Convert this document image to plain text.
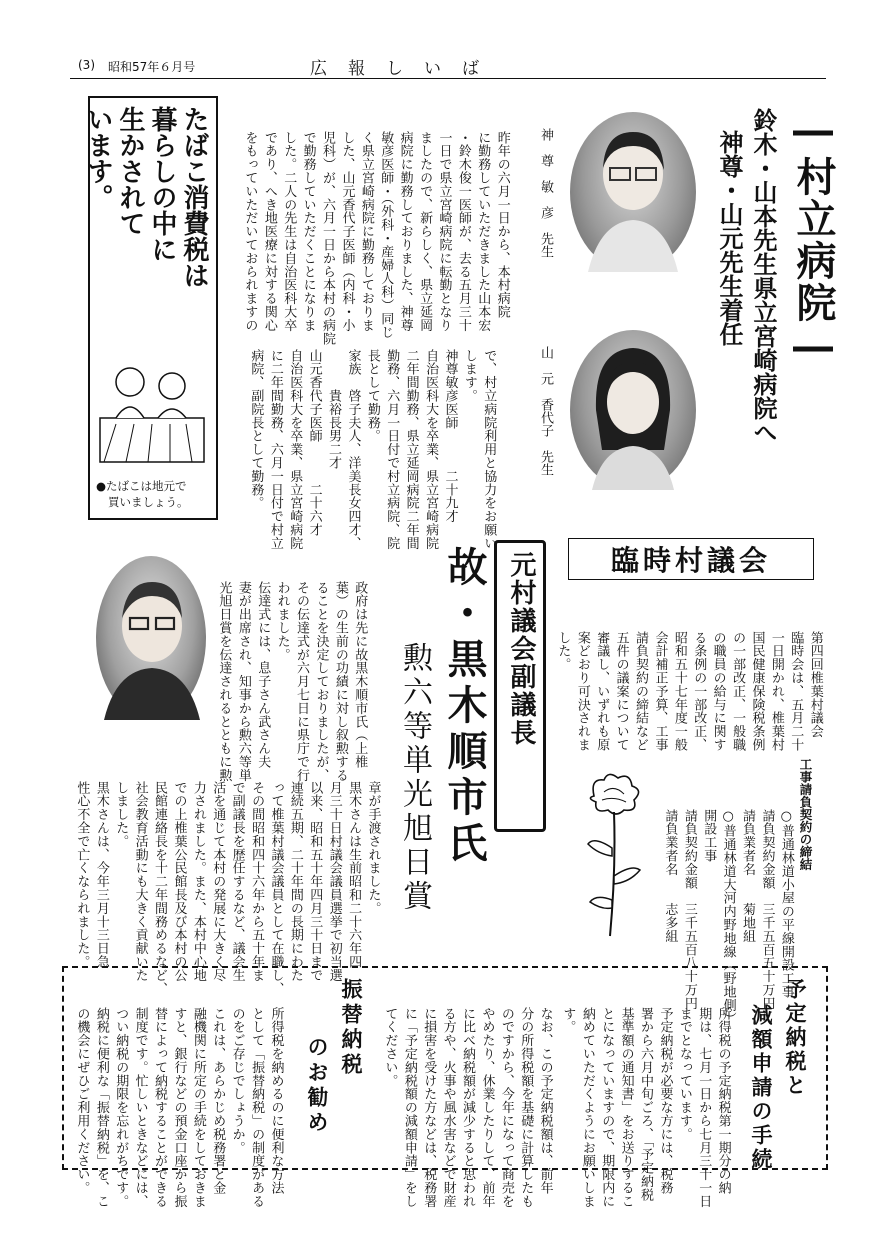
(3) 昭和57年６月号	広　報　し　い　ば
―村立病院―
鈴木・山本先生県立宮崎病院へ
神尊・山元先生着任
神　尊　敏　彦　先生
山　元　香代子　先生

昨年の六月一日から、本村病院
に勤務していただきました山本宏
・鈴木俊一医師が、去る五月三十
一日で県立宮崎病院に転勤となり
ましたので、新らしく、県立延岡
病院に勤務しておりました、神尊
敏彦医師・（外科・産婦人科）同じ
く県立宮崎病院に勤務しておりま
した、山元香代子医師（内科・小
児科）が、六月一日から本村の病院
で勤務していただくことになりま
した。二人の先生は自治医科大卒
であり、へき地医療に対する関心
をもっていただいておられますの

で、村立病院利用と協力をお願い
します。
神尊敏彦医師　　　二十九才
自治医科大を卒業、県立宮崎病院
二年間勤務、県立延岡病院二年間
勤務、六月一日付で村立病院、院
長として勤務。
家族　啓子夫人、洋美長女四才、
　　　貴裕長男二才
山元香代子医師　　　二十六才
自治医科大を卒業、県立宮崎病院
に二年間勤務、六月一日付で村立
病院、副院長として勤務。

たばこ消費税は
暮らしの中に
生かされて
います。
●たばこは地元で
買いましょう。
臨時村議会

第四回椎葉村議会
臨時会は、五月二十
一日開かれ、椎葉村
国民健康保険税条例
の一部改正、一般職
の職員の給与に関す
る条例の一部改正、
昭和五十七年度一般
会計補正予算、工事
請負契約の締結など
五件の議案について
審議し、いずれも原
案どおり可決されま
した。

工事請負契約の締結

○普通林道小屋の平線開設工事
請負契約金額　三千五百五十万円
請負業者名　　菊地組
○普通林道大河内野地線（野地側）
開設工事
請負契約金額　三千五百八十万円
請負業者名　　志多組

元村議会副議長
故・黒木順市氏
勲六等単光旭日賞

政府は先に故黒木順市氏（上椎
葉）の生前の功績に対し叙勲する
ることを決定しておりましたが、
その伝達式が六月七日に県庁で行
われました。
伝達式には、息子さん武さん夫
妻が出席され、知事から勲六等単
光旭日賞を伝達されるとともに勲

章が手渡されました。
黒木さんは生前昭和二十六年四
月三十日村議会議員選挙で初当選
以来、昭和五十年四月三十日まで
連続五期、二十年間の長期にわた
って椎葉村議会議員として在職し、
その間昭和四十六年から五十年ま
で副議長を歴任するなど、議会生
活を通じて本村の発展に大きく尽
力されました。また、本村中心地
での上椎葉公民館長及び本村の公
民館連絡長を十二年間務めるなど、
社会教育活動にも大きく貢献いた
しました。
黒木さんは、今年三月十三日急
性心不全で亡くなられました。

予定納税と
減額申請の手続

所得税の予定納税第一期分の納
期は、七月一日から七月三十一日
までとなっています。
予定納税が必要な方には、税務
署から六月中旬ごろ、「予定納税
基準額の通知書」をお送りするこ
とになっていますので、期限内に
納めていただくようにお願いしま
す。

なお、この予定納税額は、前年
分の所得税額を基礎に計算したも
のですから、今年になって商売を
やめたり、休業したりして、前年
に比べ納税額が減少すると思われ
る方や、火事や風水害などで財産
に損害を受けた方などは、税務署
に「予定納税額の減額申請」をし
てください。

振替納税
のお勧め

所得税を納めるのに便利な方法
として「振替納税」の制度がある
のをご存じでしょうか。
これは、あらかじめ税務署と金
融機関に所定の手続をしておきま
すと、銀行などの預金口座から振
替によって納税することができる
制度です。忙しいときなどには、
つい納税の期限を忘れがちです。
納税に便利な「振替納税」を、こ
の機会にぜひご利用ください。
